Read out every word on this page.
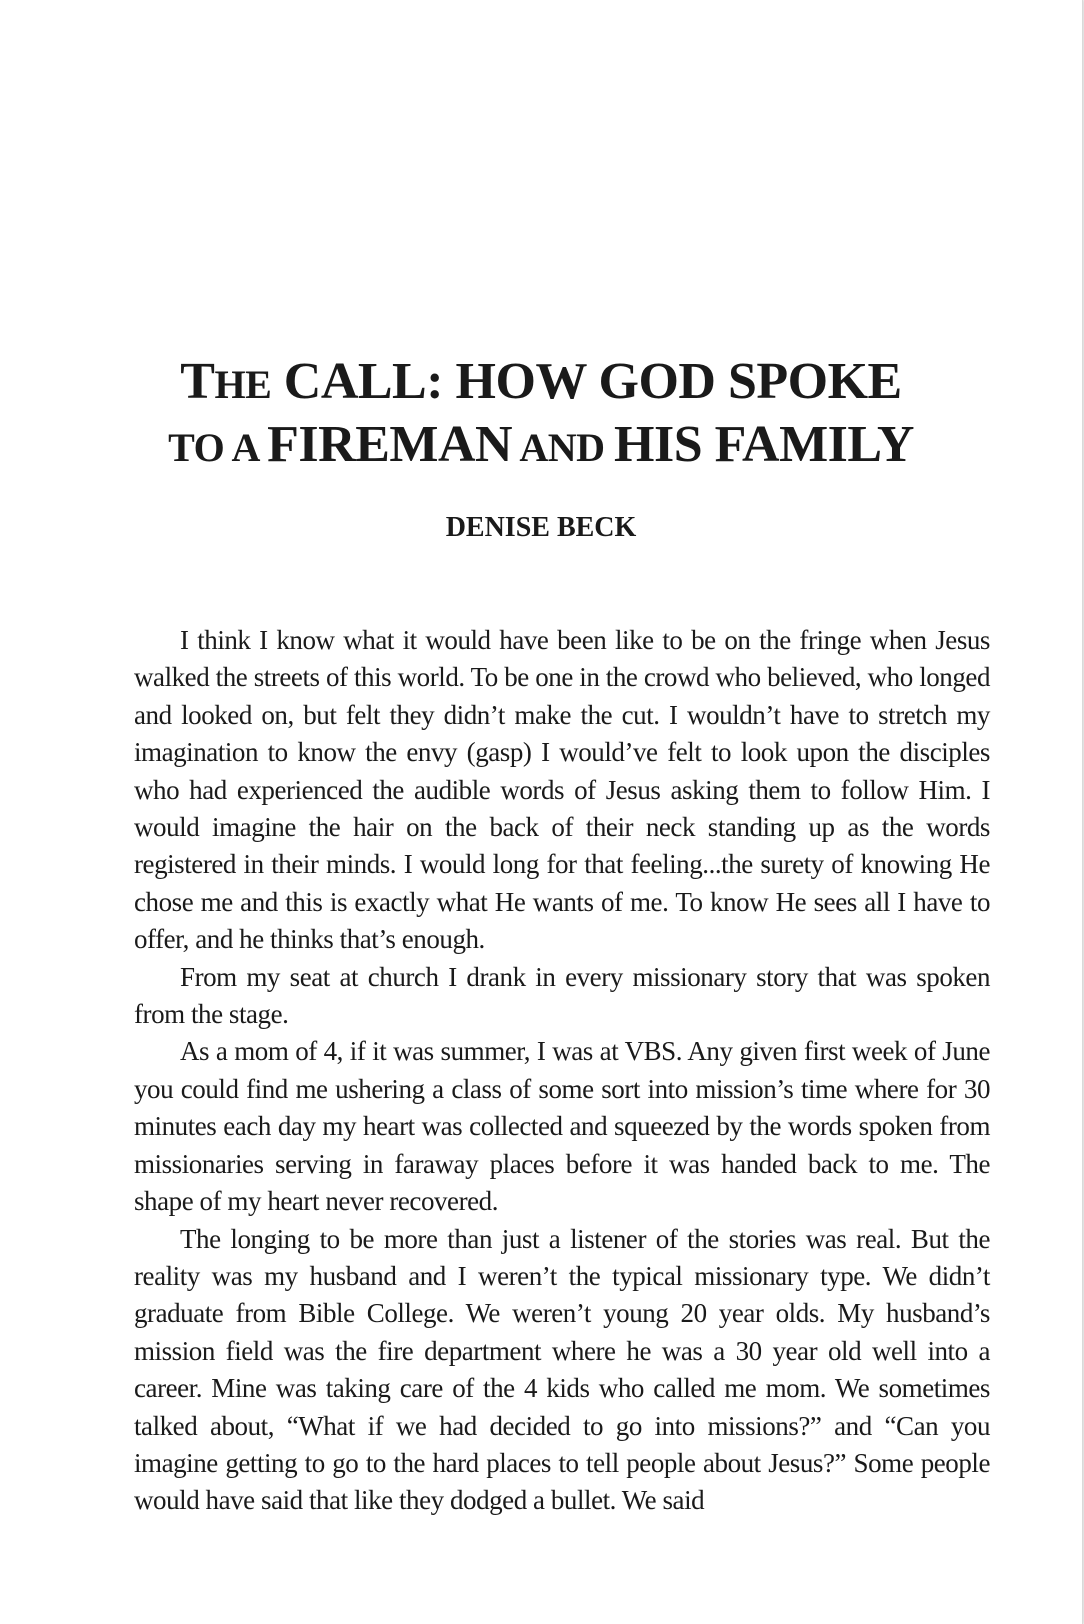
THE CALL: HOW GOD SPOKE
TO A FIREMAN AND HIS FAMILY
DENISE BECK

I think I know what it would have been like to be on the fringe when Jesus walked the streets of this world. To be one in the crowd who believed, who longed and looked on, but felt they didn’t make the cut. I wouldn’t have to stretch my imagination to know the envy (gasp) I would’ve felt to look upon the disciples who had experienced the audible words of Jesus asking them to follow Him. I would imagine the hair on the back of their neck standing up as the words registered in their minds. I would long for that feeling...the surety of knowing He chose me and this is exactly what He wants of me. To know He sees all I have to offer, and he thinks that’s enough.

From my seat at church I drank in every missionary story that was spoken from the stage.

As a mom of 4, if it was summer, I was at VBS. Any given first week of June you could find me ushering a class of some sort into mission’s time where for 30 minutes each day my heart was collected and squeezed by the words spoken from missionaries serving in faraway places before it was handed back to me. The shape of my heart never recovered.

The longing to be more than just a listener of the stories was real. But the reality was my husband and I weren’t the typical missionary type. We didn’t graduate from Bible College. We weren’t young 20 year olds. My husband’s mission field was the fire department where he was a 30 year old well into a career. Mine was taking care of the 4 kids who called me mom. We sometimes talked about, “What if we had decided to go into missions?” and “Can you imagine getting to go to the hard places to tell people about Jesus?” Some people would have said that like they dodged a bullet. We said
